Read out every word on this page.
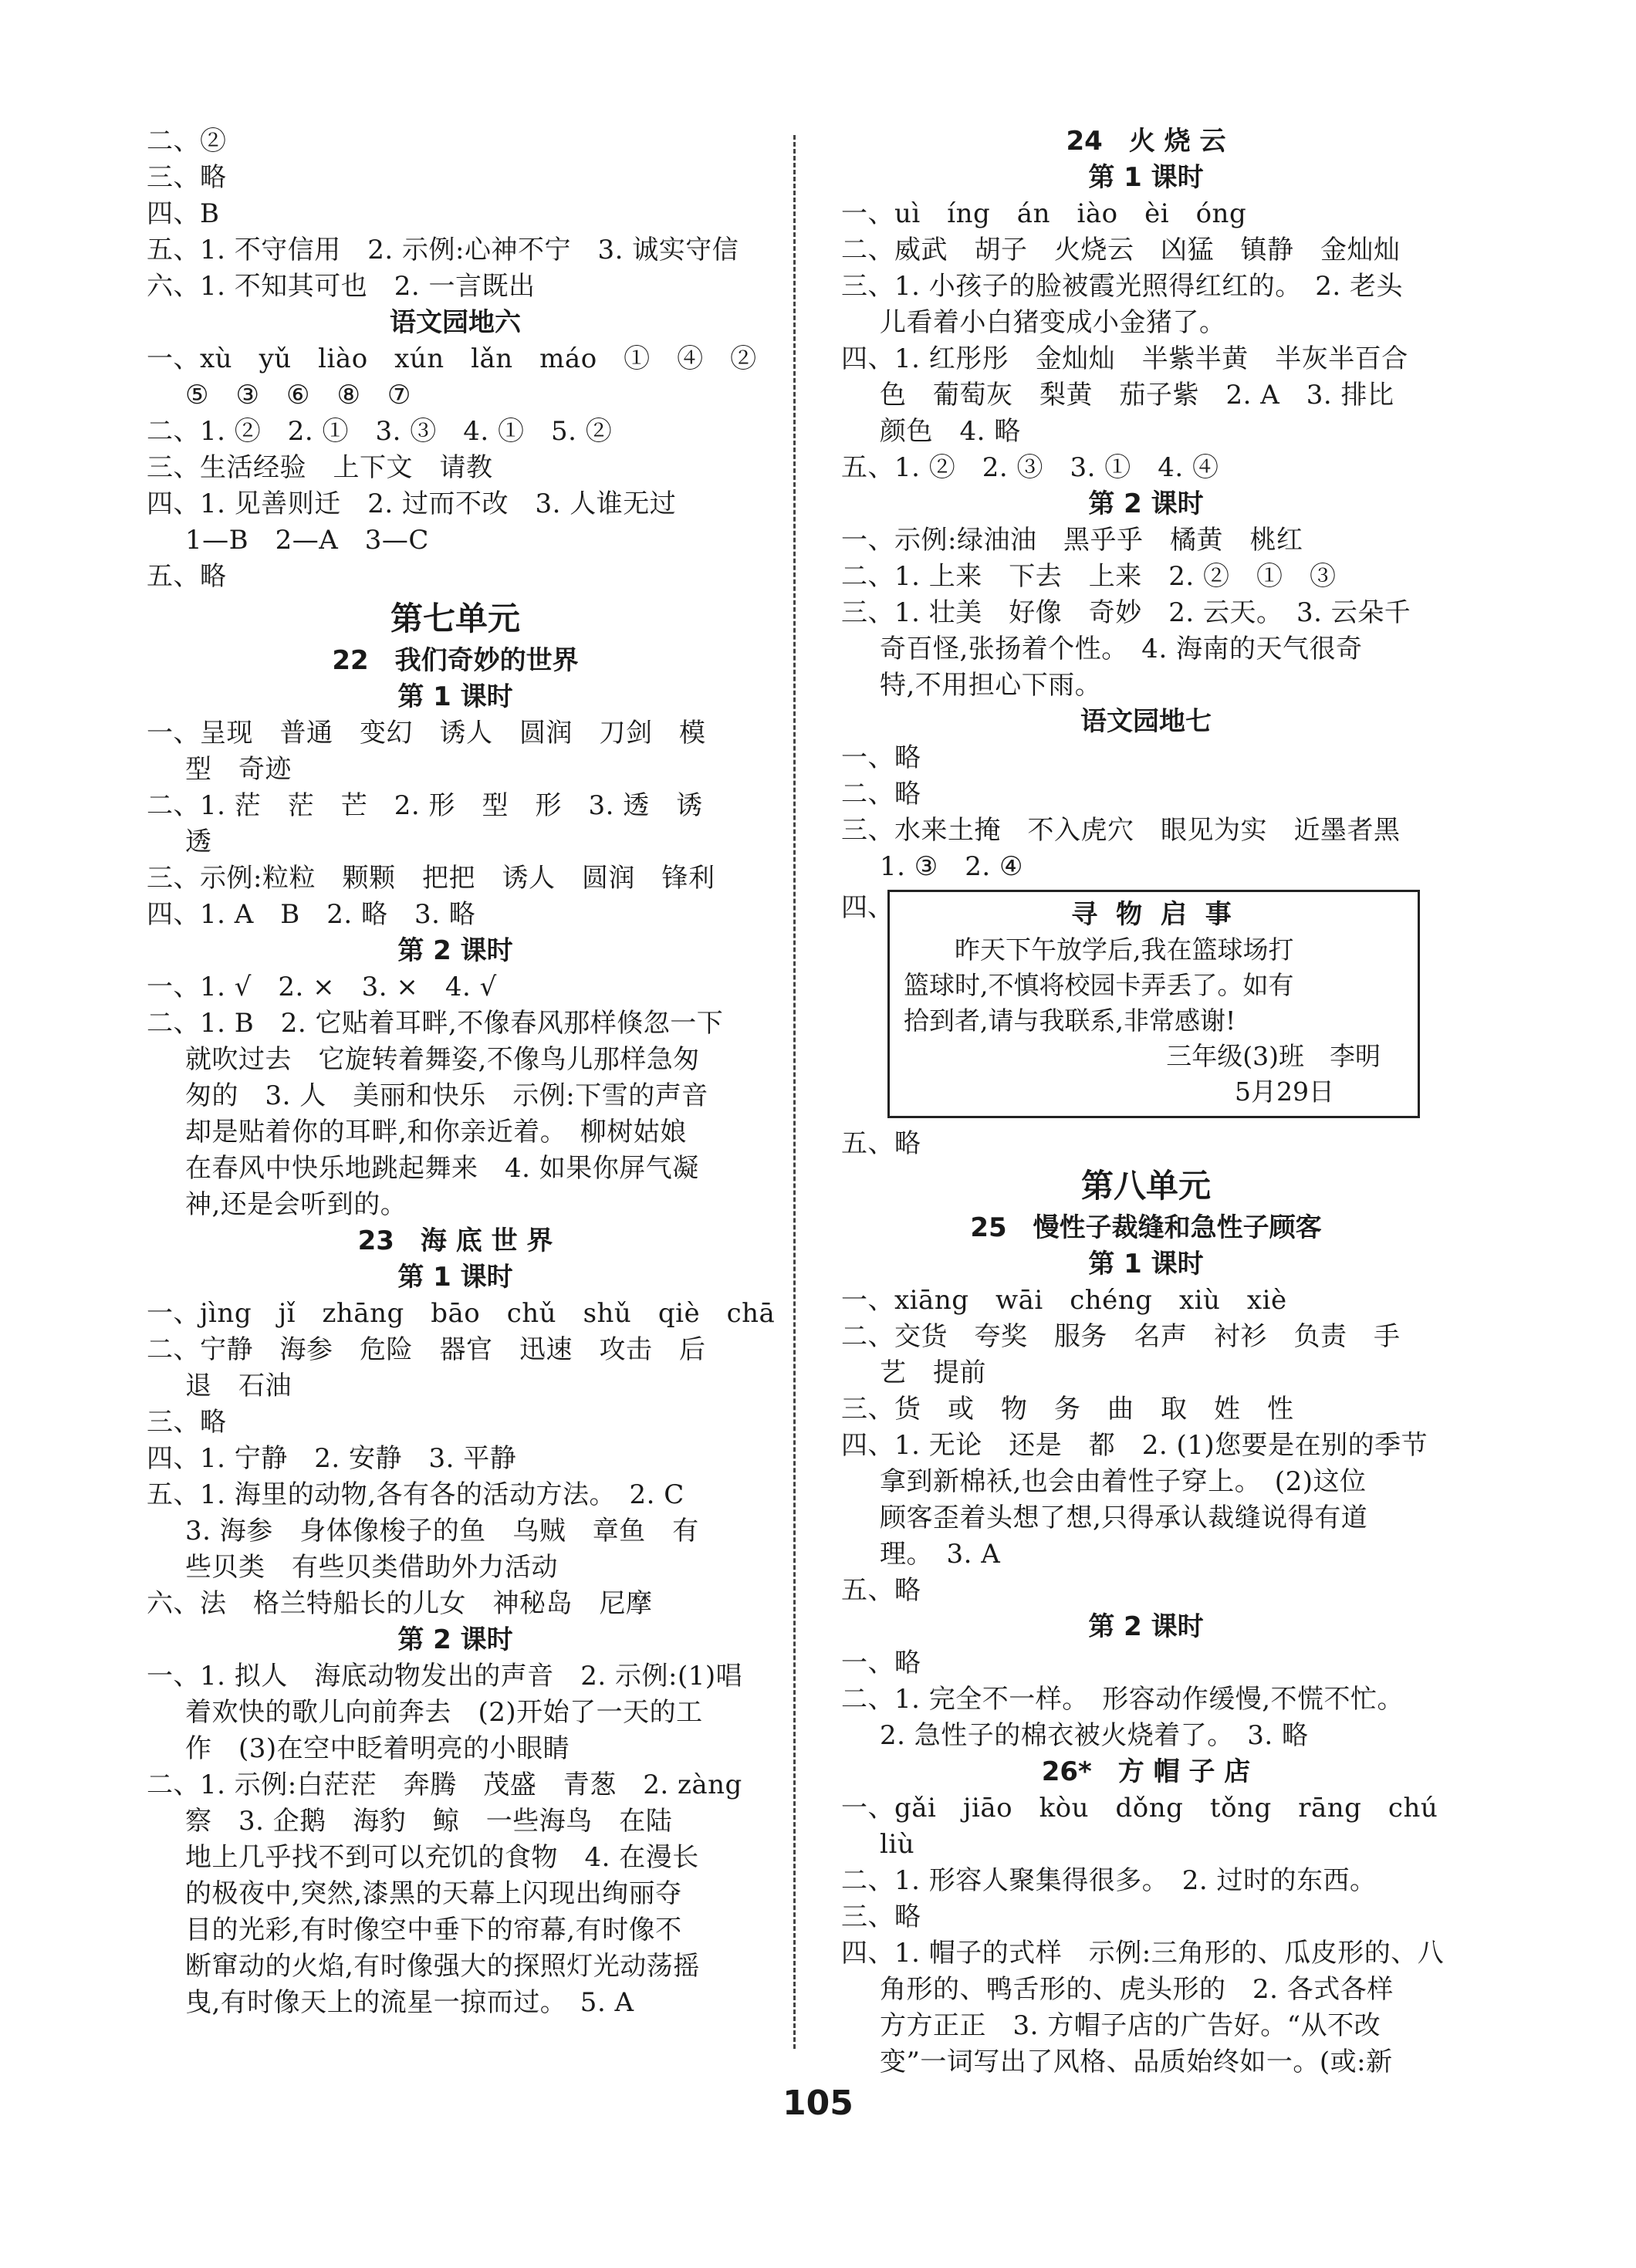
二、②
三、略
四、B
五、1. 不守信用　2. 示例:心神不宁　3. 诚实守信
六、1. 不知其可也　2. 一言既出
语文园地六
一、xù　yǔ　liào　xún　lǎn　máo　①　④　②
⑤　③　⑥　⑧　⑦
二、1. ②　2. ①　3. ③　4. ①　5. ②
三、生活经验　上下文　请教
四、1. 见善则迁　2. 过而不改　3. 人谁无过
1—B　2—A　3—C
五、略
第七单元
22　我们奇妙的世界
第 1 课时
一、呈现　普通　变幻　诱人　圆润　刀剑　模
型　奇迹
二、1. 茫　茫　芒　2. 形　型　形　3. 透　诱
透
三、示例:粒粒　颗颗　把把　诱人　圆润　锋利
四、1. A　B　2. 略　3. 略
第 2 课时
一、1. √　2. ×　3. ×　4. √
二、1. B　2. 它贴着耳畔,不像春风那样倏忽一下
就吹过去　它旋转着舞姿,不像鸟儿那样急匆
匆的　3. 人　美丽和快乐　示例:下雪的声音
却是贴着你的耳畔,和你亲近着。　柳树姑娘
在春风中快乐地跳起舞来　4. 如果你屏气凝
神,还是会听到的。
23　海 底 世 界
第 1 课时
一、jìng　jǐ　zhāng　bāo　chǔ　shǔ　qiè　chā
二、宁静　海参　危险　器官　迅速　攻击　后
退　石油
三、略
四、1. 宁静　2. 安静　3. 平静
五、1. 海里的动物,各有各的活动方法。　2. C
3. 海参　身体像梭子的鱼　乌贼　章鱼　有
些贝类　有些贝类借助外力活动
六、法　格兰特船长的儿女　神秘岛　尼摩
第 2 课时
一、1. 拟人　海底动物发出的声音　2. 示例:(1)唱
着欢快的歌儿向前奔去　(2)开始了一天的工
作　(3)在空中眨着明亮的小眼睛
二、1. 示例:白茫茫　奔腾　茂盛　青葱　2. zàng
察　3. 企鹅　海豹　鲸　一些海鸟　在陆
地上几乎找不到可以充饥的食物　4. 在漫长
的极夜中,突然,漆黑的天幕上闪现出绚丽夺
目的光彩,有时像空中垂下的帘幕,有时像不
断窜动的火焰,有时像强大的探照灯光动荡摇
曳,有时像天上的流星一掠而过。　5. A
24　火 烧 云
第 1 课时
一、uì　íng　án　iào　èi　óng
二、威武　胡子　火烧云　凶猛　镇静　金灿灿
三、1. 小孩子的脸被霞光照得红红的。　2. 老头
儿看着小白猪变成小金猪了。
四、1. 红彤彤　金灿灿　半紫半黄　半灰半百合
色　葡萄灰　梨黄　茄子紫　2. A　3. 排比
颜色　4. 略
五、1. ②　2. ③　3. ①　4. ④
第 2 课时
一、示例:绿油油　黑乎乎　橘黄　桃红
二、1. 上来　下去　上来　2. ②　①　③
三、1. 壮美　好像　奇妙　2. 云天。　3. 云朵千
奇百怪,张扬着个性。　4. 海南的天气很奇
特,不用担心下雨。
语文园地七
一、略
二、略
三、水来土掩　不入虎穴　眼见为实　近墨者黑
1. ③　2. ④
四、	寻 物 启 事
昨天下午放学后,我在篮球场打
篮球时,不慎将校园卡弄丢了。如有
拾到者,请与我联系,非常感谢!
三年级(3)班　李明
5月29日
五、略
第八单元
25　慢性子裁缝和急性子顾客
第 1 课时
一、xiāng　wāi　chéng　xiù　xiè
二、交货　夸奖　服务　名声　衬衫　负责　手
艺　提前
三、货　或　物　务　曲　取　姓　性
四、1. 无论　还是　都　2. (1)您要是在别的季节
拿到新棉袄,也会由着性子穿上。　(2)这位
顾客歪着头想了想,只得承认裁缝说得有道
理。　3. A
五、略
第 2 课时
一、略
二、1. 完全不一样。　形容动作缓慢,不慌不忙。
2. 急性子的棉衣被火烧着了。　3. 略
26*　方 帽 子 店
一、gǎi　jiāo　kòu　dǒng　tǒng　rāng　chú
liù
二、1. 形容人聚集得很多。　2. 过时的东西。
三、略
四、1. 帽子的式样　示例:三角形的、瓜皮形的、八
角形的、鸭舌形的、虎头形的　2. 各式各样
方方正正　3. 方帽子店的广告好。“从不改
变”一词写出了风格、品质始终如一。(或:新
105
